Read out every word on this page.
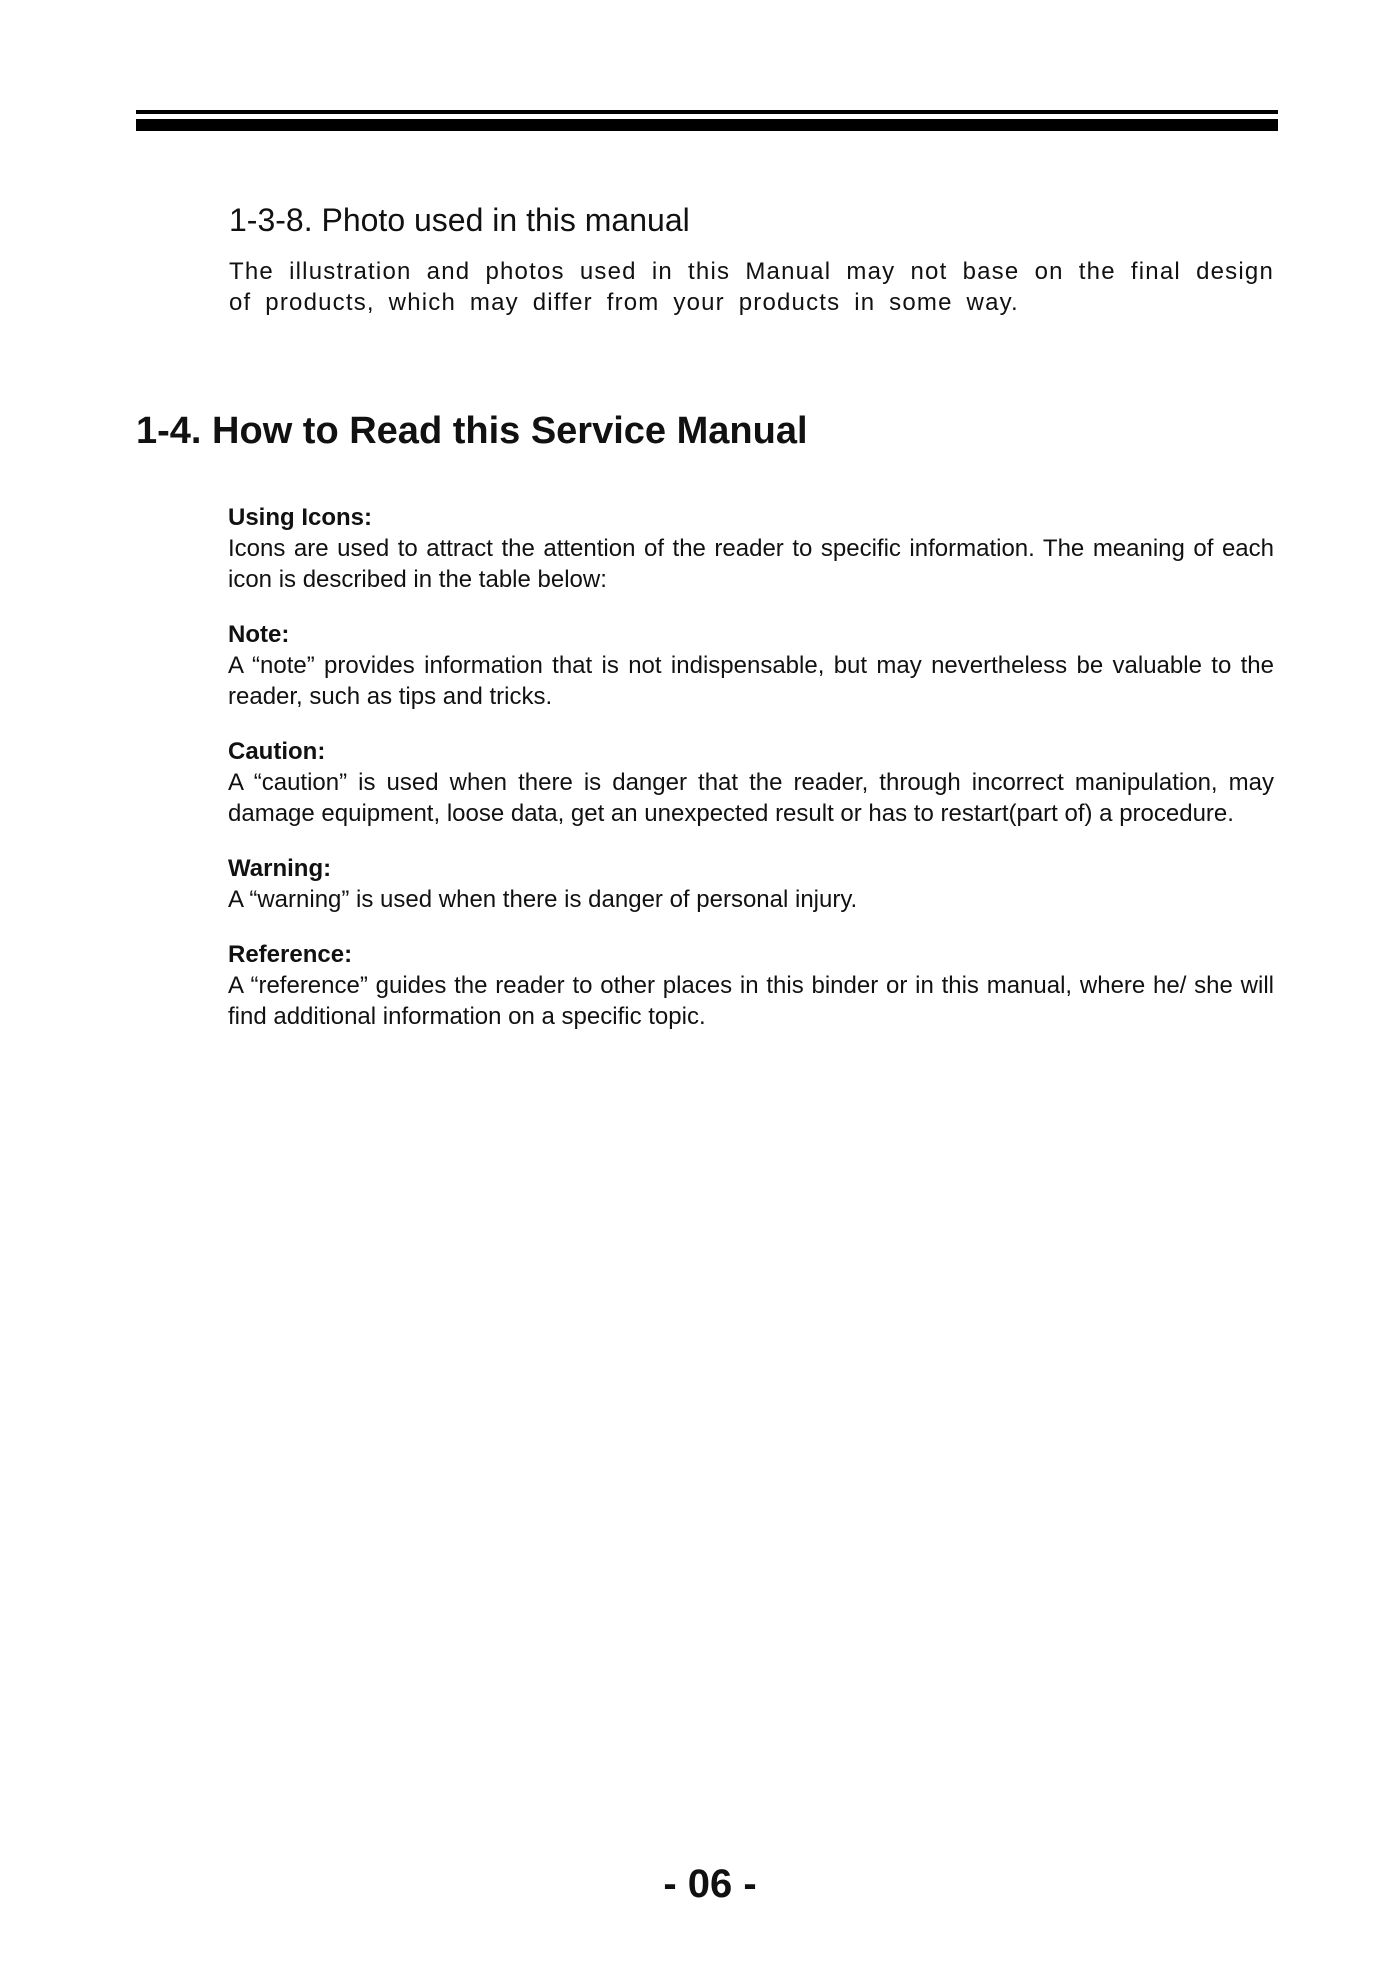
1-3-8. Photo used in this manual

The illustration and photos used in this Manual may not base on the final design of products, which may differ from your products in some way.

1-4. How to Read this Service Manual

Using Icons:

Icons are used to attract the attention of the reader to specific information. The meaning of each icon is described in the table below:

Note:

A “note” provides information that is not indispensable, but may nevertheless be valuable to the reader, such as tips and tricks.

Caution:

A “caution” is used when there is danger that the reader, through incorrect manipulation, may damage equipment, loose data, get an unexpected result or has to restart(part of) a procedure.

Warning:

A “warning” is used when there is danger of personal injury.

Reference:

A “reference” guides the reader to other places in this binder or in this manual, where he/ she will find additional information on a specific topic.

- 06 -
